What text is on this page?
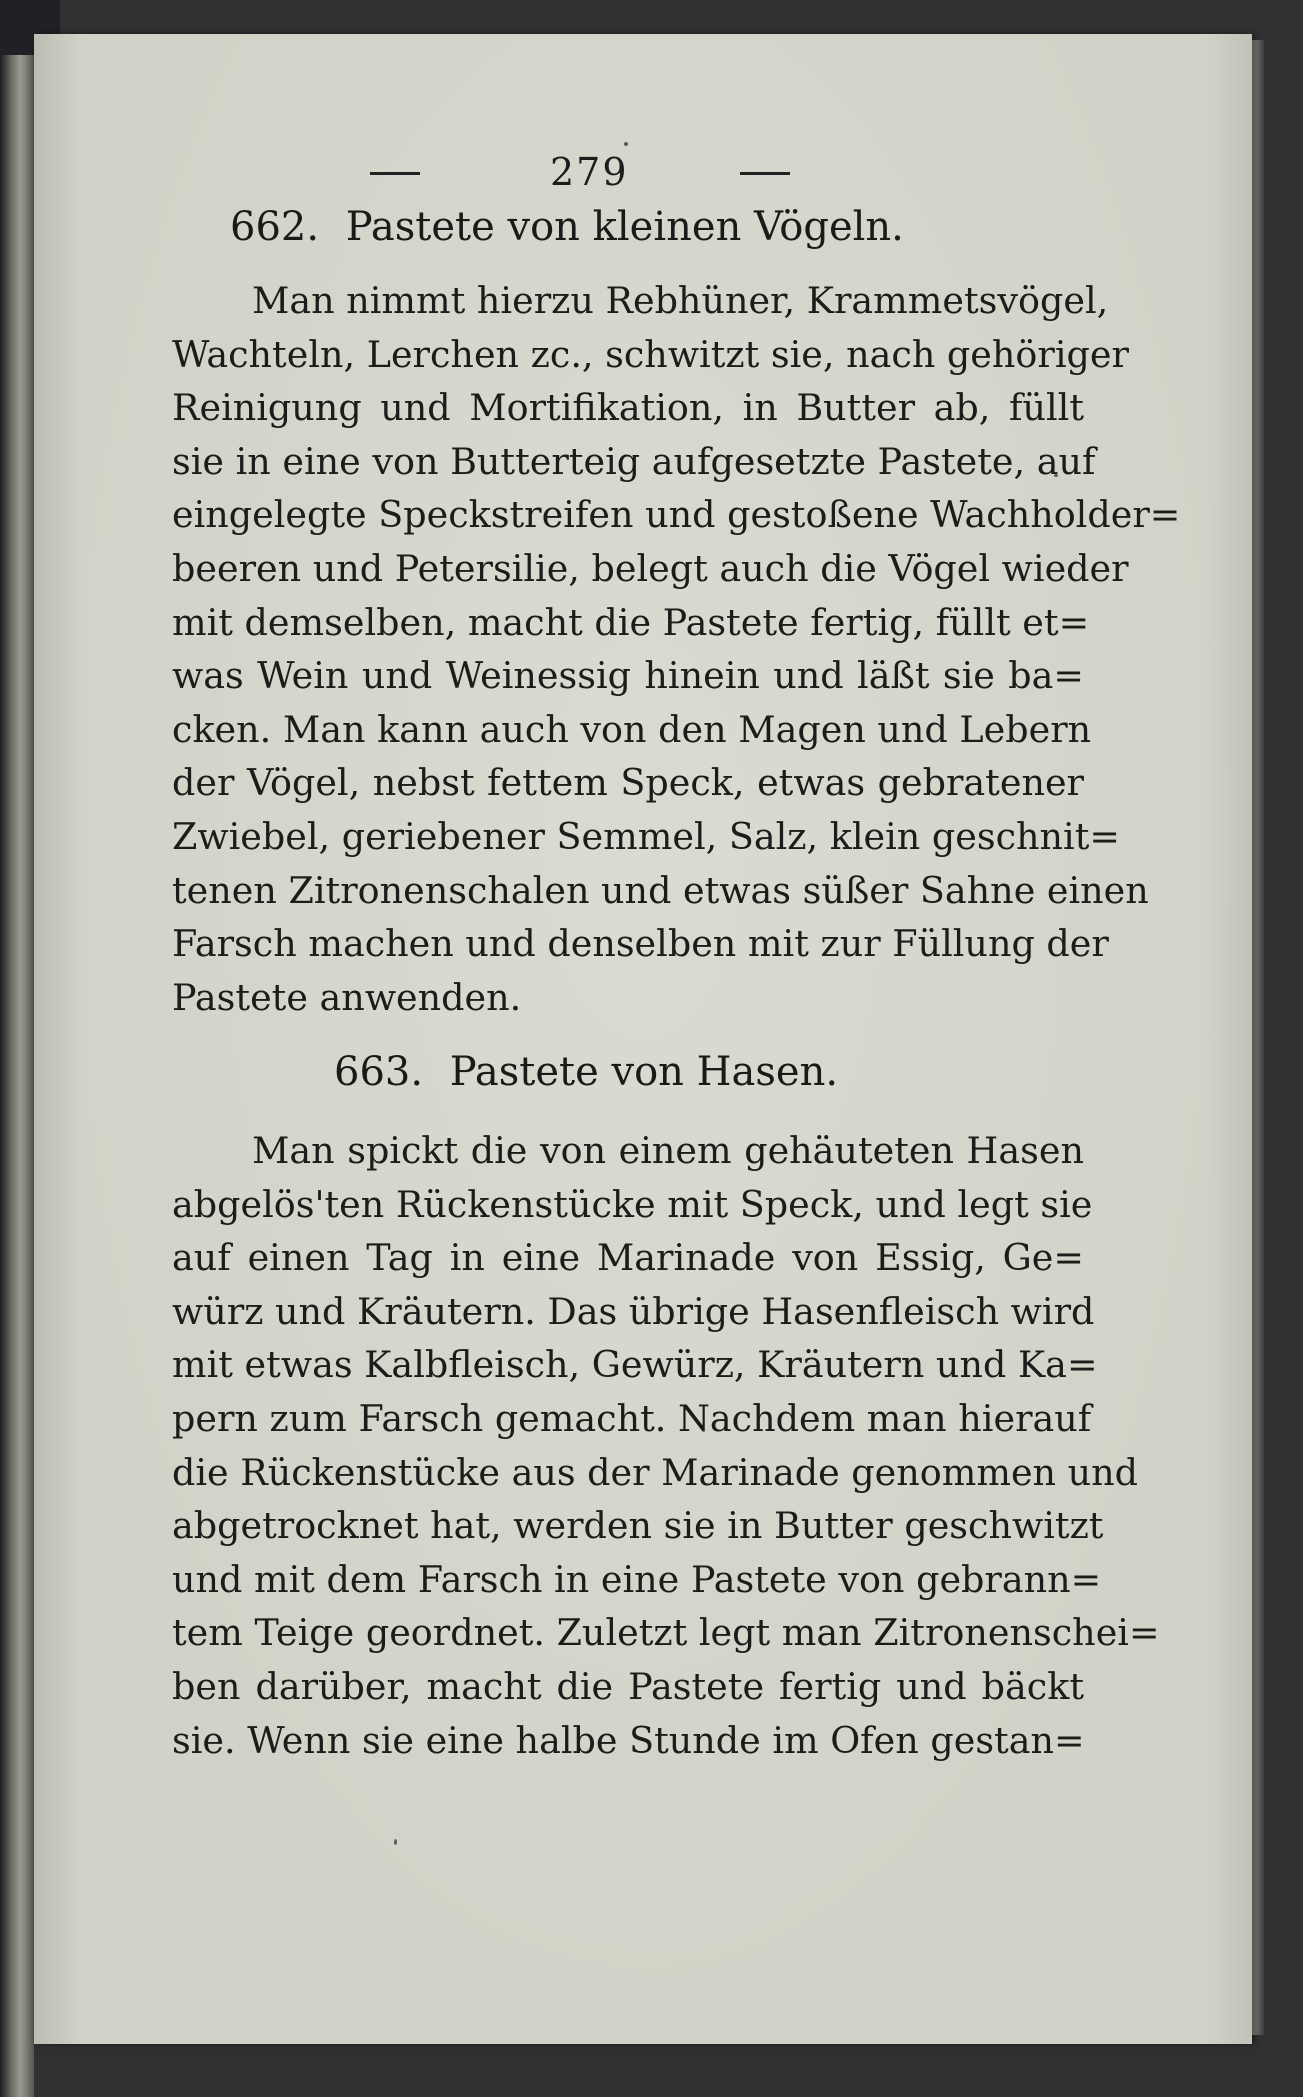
279
662. Pastete von kleinen Vögeln.
Man nimmt hierzu Rebhüner, Krammetsvögel,
Wachteln, Lerchen zc., schwitzt sie, nach gehöriger
Reinigung und Mortifikation, in Butter ab, füllt
sie in eine von Butterteig aufgesetzte Pastete, auf
eingelegte Speckstreifen und gestoßene Wachholder=
beeren und Petersilie, belegt auch die Vögel wieder
mit demselben, macht die Pastete fertig, füllt et=
was Wein und Weinessig hinein und läßt sie ba=
cken. Man kann auch von den Magen und Lebern
der Vögel, nebst fettem Speck, etwas gebratener
Zwiebel, geriebener Semmel, Salz, klein geschnit=
tenen Zitronenschalen und etwas süßer Sahne einen
Farsch machen und denselben mit zur Füllung der
Pastete anwenden.
663. Pastete von Hasen.
Man spickt die von einem gehäuteten Hasen
abgelös'ten Rückenstücke mit Speck, und legt sie
auf einen Tag in eine Marinade von Essig, Ge=
würz und Kräutern. Das übrige Hasenfleisch wird
mit etwas Kalbfleisch, Gewürz, Kräutern und Ka=
pern zum Farsch gemacht. Nachdem man hierauf
die Rückenstücke aus der Marinade genommen und
abgetrocknet hat, werden sie in Butter geschwitzt
und mit dem Farsch in eine Pastete von gebrann=
tem Teige geordnet. Zuletzt legt man Zitronenschei=
ben darüber, macht die Pastete fertig und bäckt
sie. Wenn sie eine halbe Stunde im Ofen gestan=
